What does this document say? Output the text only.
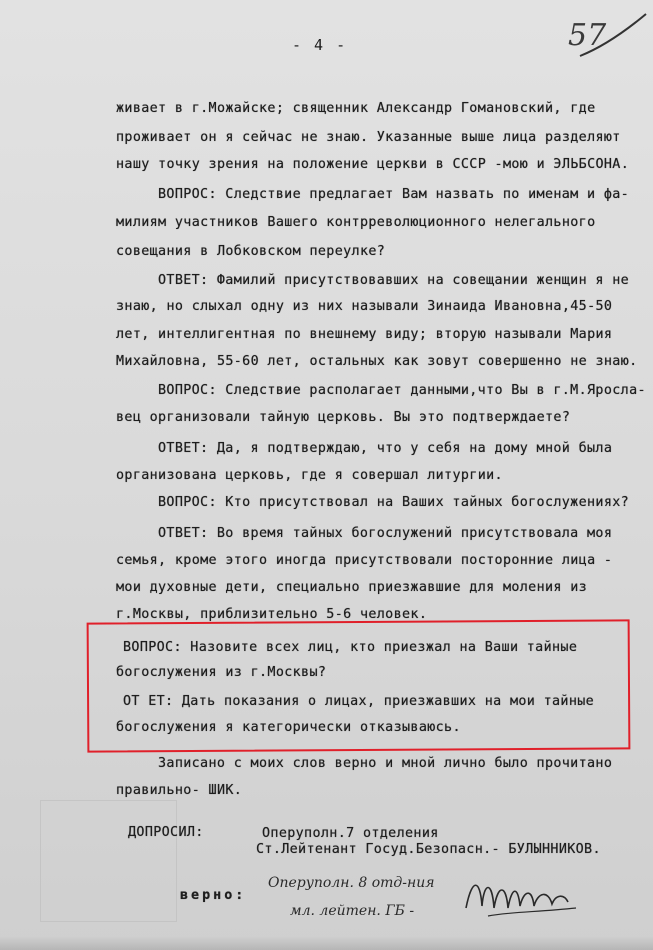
- 4 -	57
живает в г.Можайске; священник Александр Гомановский, где
проживает он я сейчас не знаю. Указанные выше лица разделяют
нашу точку зрения на положение церкви в СССР -мою и ЭЛЬБСОНА.
ВОПРОС: Следствие предлагает Вам назвать по именам и фа-
милиям участников Вашего контрреволюционного нелегального
совещания в Лобковском переулке?
ОТВЕТ: Фамилий присутствовавших на совещании женщин я не
знаю, но слыхал одну из них называли Зинаида Ивановна,45-50
лет, интеллигентная по внешнему виду; вторую называли Мария
Михайловна, 55-60 лет, остальных как зовут совершенно не знаю.
ВОПРОС: Следствие располагает данными,что Вы в г.М.Яросла-
вец организовали тайную церковь. Вы это подтверждаете?
ОТВЕТ: Да, я подтверждаю, что у себя на дому мной была
организована церковь, где я совершал литургии.
ВОПРОС: Кто присутствовал на Ваших тайных богослужениях?
ОТВЕТ: Во время тайных богослужений присутствовала моя
семья, кроме этого иногда присутствовали посторонние лица -
мои духовные дети, специально приезжавшие для моления из
г.Москвы, приблизительно 5-6 человек.
ВОПРОС: Назовите всех лиц, кто приезжал на Ваши тайные
богослужения из г.Москвы?
ОТ ЕТ: Дать показания о лицах, приезжавших на мои тайные
богослужения я категорически отказываюсь.
Записано с моих слов верно и мной лично было прочитано
правильно- ШИК.
ДОПРОСИЛ:	Оперуполн.7 отделения
Ст.Лейтенант Госуд.Безопасн.- БУЛЫННИКОВ.
верно:
Оперуполн. 8 отд-ния
мл. лейтен. ГБ -
